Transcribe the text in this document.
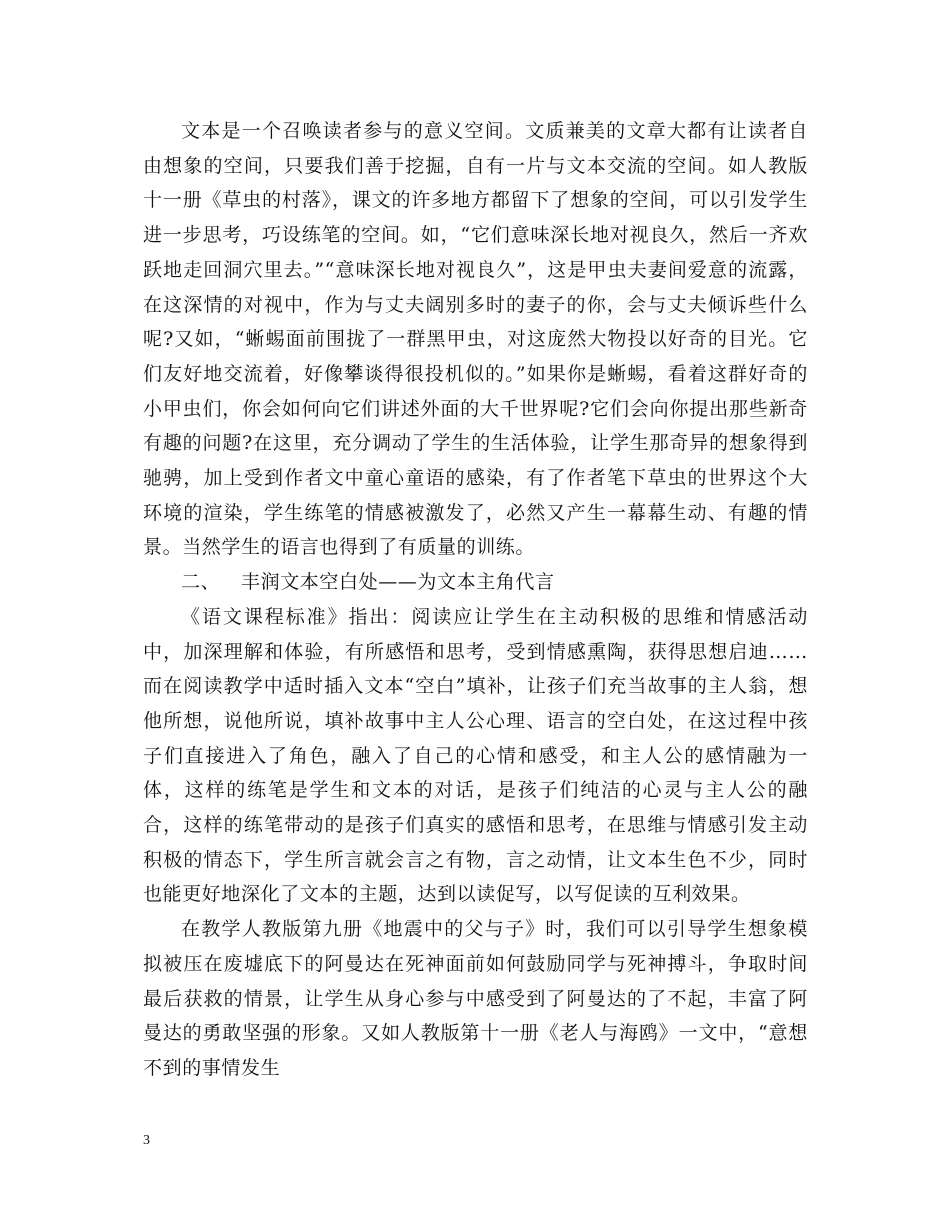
文本是一个召唤读者参与的意义空间。文质兼美的文章大都有让读者自由想象的空间，只要我们善于挖掘，自有一片与文本交流的空间。如人教版十一册《草虫的村落》，课文的许多地方都留下了想象的空间，可以引发学生进一步思考，巧设练笔的空间。如，“它们意味深长地对视良久，然后一齐欢跃地走回洞穴里去。”“意味深长地对视良久”，这是甲虫夫妻间爱意的流露，在这深情的对视中，作为与丈夫阔别多时的妻子的你，会与丈夫倾诉些什么呢?又如，“蜥蜴面前围拢了一群黑甲虫，对这庞然大物投以好奇的目光。它们友好地交流着，好像攀谈得很投机似的。”如果你是蜥蜴，看着这群好奇的小甲虫们，你会如何向它们讲述外面的大千世界呢?它们会向你提出那些新奇有趣的问题?在这里，充分调动了学生的生活体验，让学生那奇异的想象得到驰骋，加上受到作者文中童心童语的感染，有了作者笔下草虫的世界这个大环境的渲染，学生练笔的情感被激发了，必然又产生一幕幕生动、有趣的情景。当然学生的语言也得到了有质量的训练。

二、 丰润文本空白处——为文本主角代言

《语文课程标准》指出：阅读应让学生在主动积极的思维和情感活动中，加深理解和体验，有所感悟和思考，受到情感熏陶，获得思想启迪……而在阅读教学中适时插入文本“空白”填补，让孩子们充当故事的主人翁，想他所想，说他所说，填补故事中主人公心理、语言的空白处，在这过程中孩子们直接进入了角色，融入了自己的心情和感受，和主人公的感情融为一体，这样的练笔是学生和文本的对话，是孩子们纯洁的心灵与主人公的融合，这样的练笔带动的是孩子们真实的感悟和思考，在思维与情感引发主动积极的情态下，学生所言就会言之有物，言之动情，让文本生色不少，同时也能更好地深化了文本的主题，达到以读促写，以写促读的互利效果。

在教学人教版第九册《地震中的父与子》时，我们可以引导学生想象模拟被压在废墟底下的阿曼达在死神面前如何鼓励同学与死神搏斗，争取时间最后获救的情景，让学生从身心参与中感受到了阿曼达的了不起，丰富了阿曼达的勇敢坚强的形象。又如人教版第十一册《老人与海鸥》一文中，“意想不到的事情发生

3
